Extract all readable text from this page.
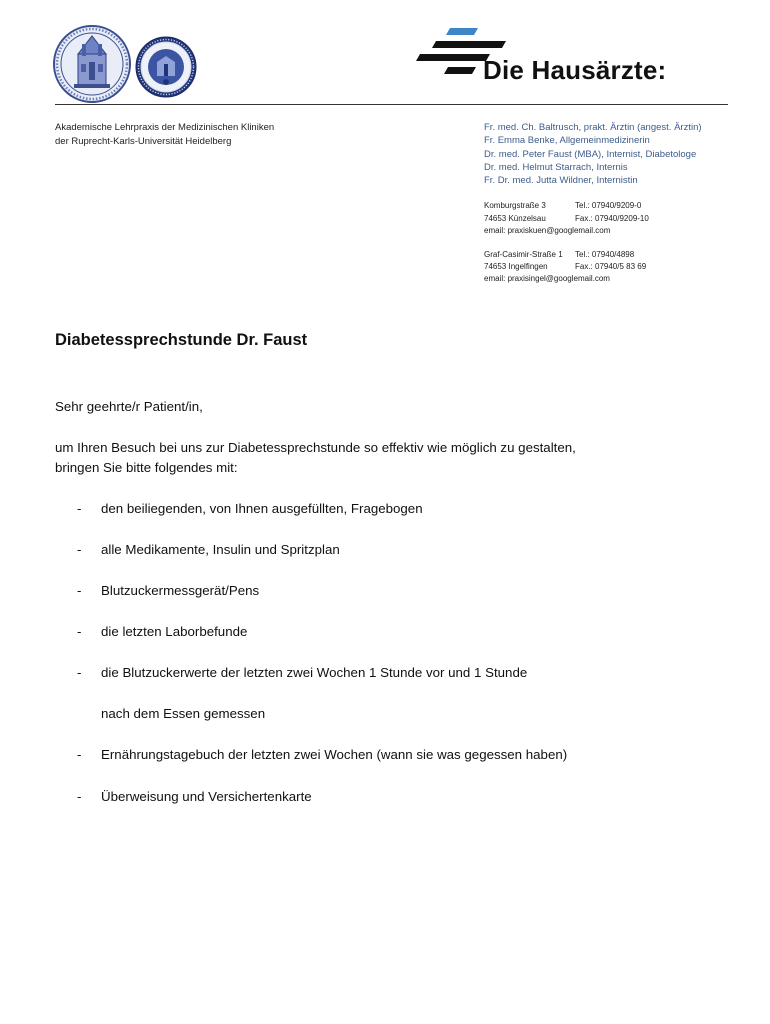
Die Hausärzte:
Akademische Lehrpraxis der Medizinischen Kliniken
der Ruprecht-Karls-Universität Heidelberg
Fr. med. Ch. Baltrusch, prakt. Ärztin (angest. Ärztin)
Fr. Emma Benke, Allgemeinmedizinerin
Dr. med. Peter Faust (MBA), Internist, Diabetologe
Dr. med. Helmut Starrach, Internis
Fr. Dr. med. Jutta Wildner, Internistin
Komburgstraße 3	Tel.: 07940/9209-0
74653 Künzelsau	Fax.: 07940/9209-10
email: praxiskuen@googlemail.com
Graf-Casimir-Straße 1 Tel.: 07940/4898
74653 Ingelfingen	Fax.: 07940/5 83 69
email: praxisingel@googlemail.com
Diabetessprechstunde Dr. Faust
Sehr geehrte/r Patient/in,
um Ihren Besuch bei uns zur Diabetessprechstunde so effektiv wie möglich zu gestalten,
bringen Sie bitte folgendes mit:
- den beiliegenden, von Ihnen ausgefüllten, Fragebogen
- alle Medikamente, Insulin und Spritzplan
- Blutzuckermessgerät/Pens
- die letzten Laborbefunde
- die Blutzuckerwerte der letzten zwei Wochen 1 Stunde vor und 1 Stunde
nach dem Essen gemessen
- Ernährungstagebuch der letzten zwei Wochen (wann sie was gegessen haben)
- Überweisung und Versichertenkarte
